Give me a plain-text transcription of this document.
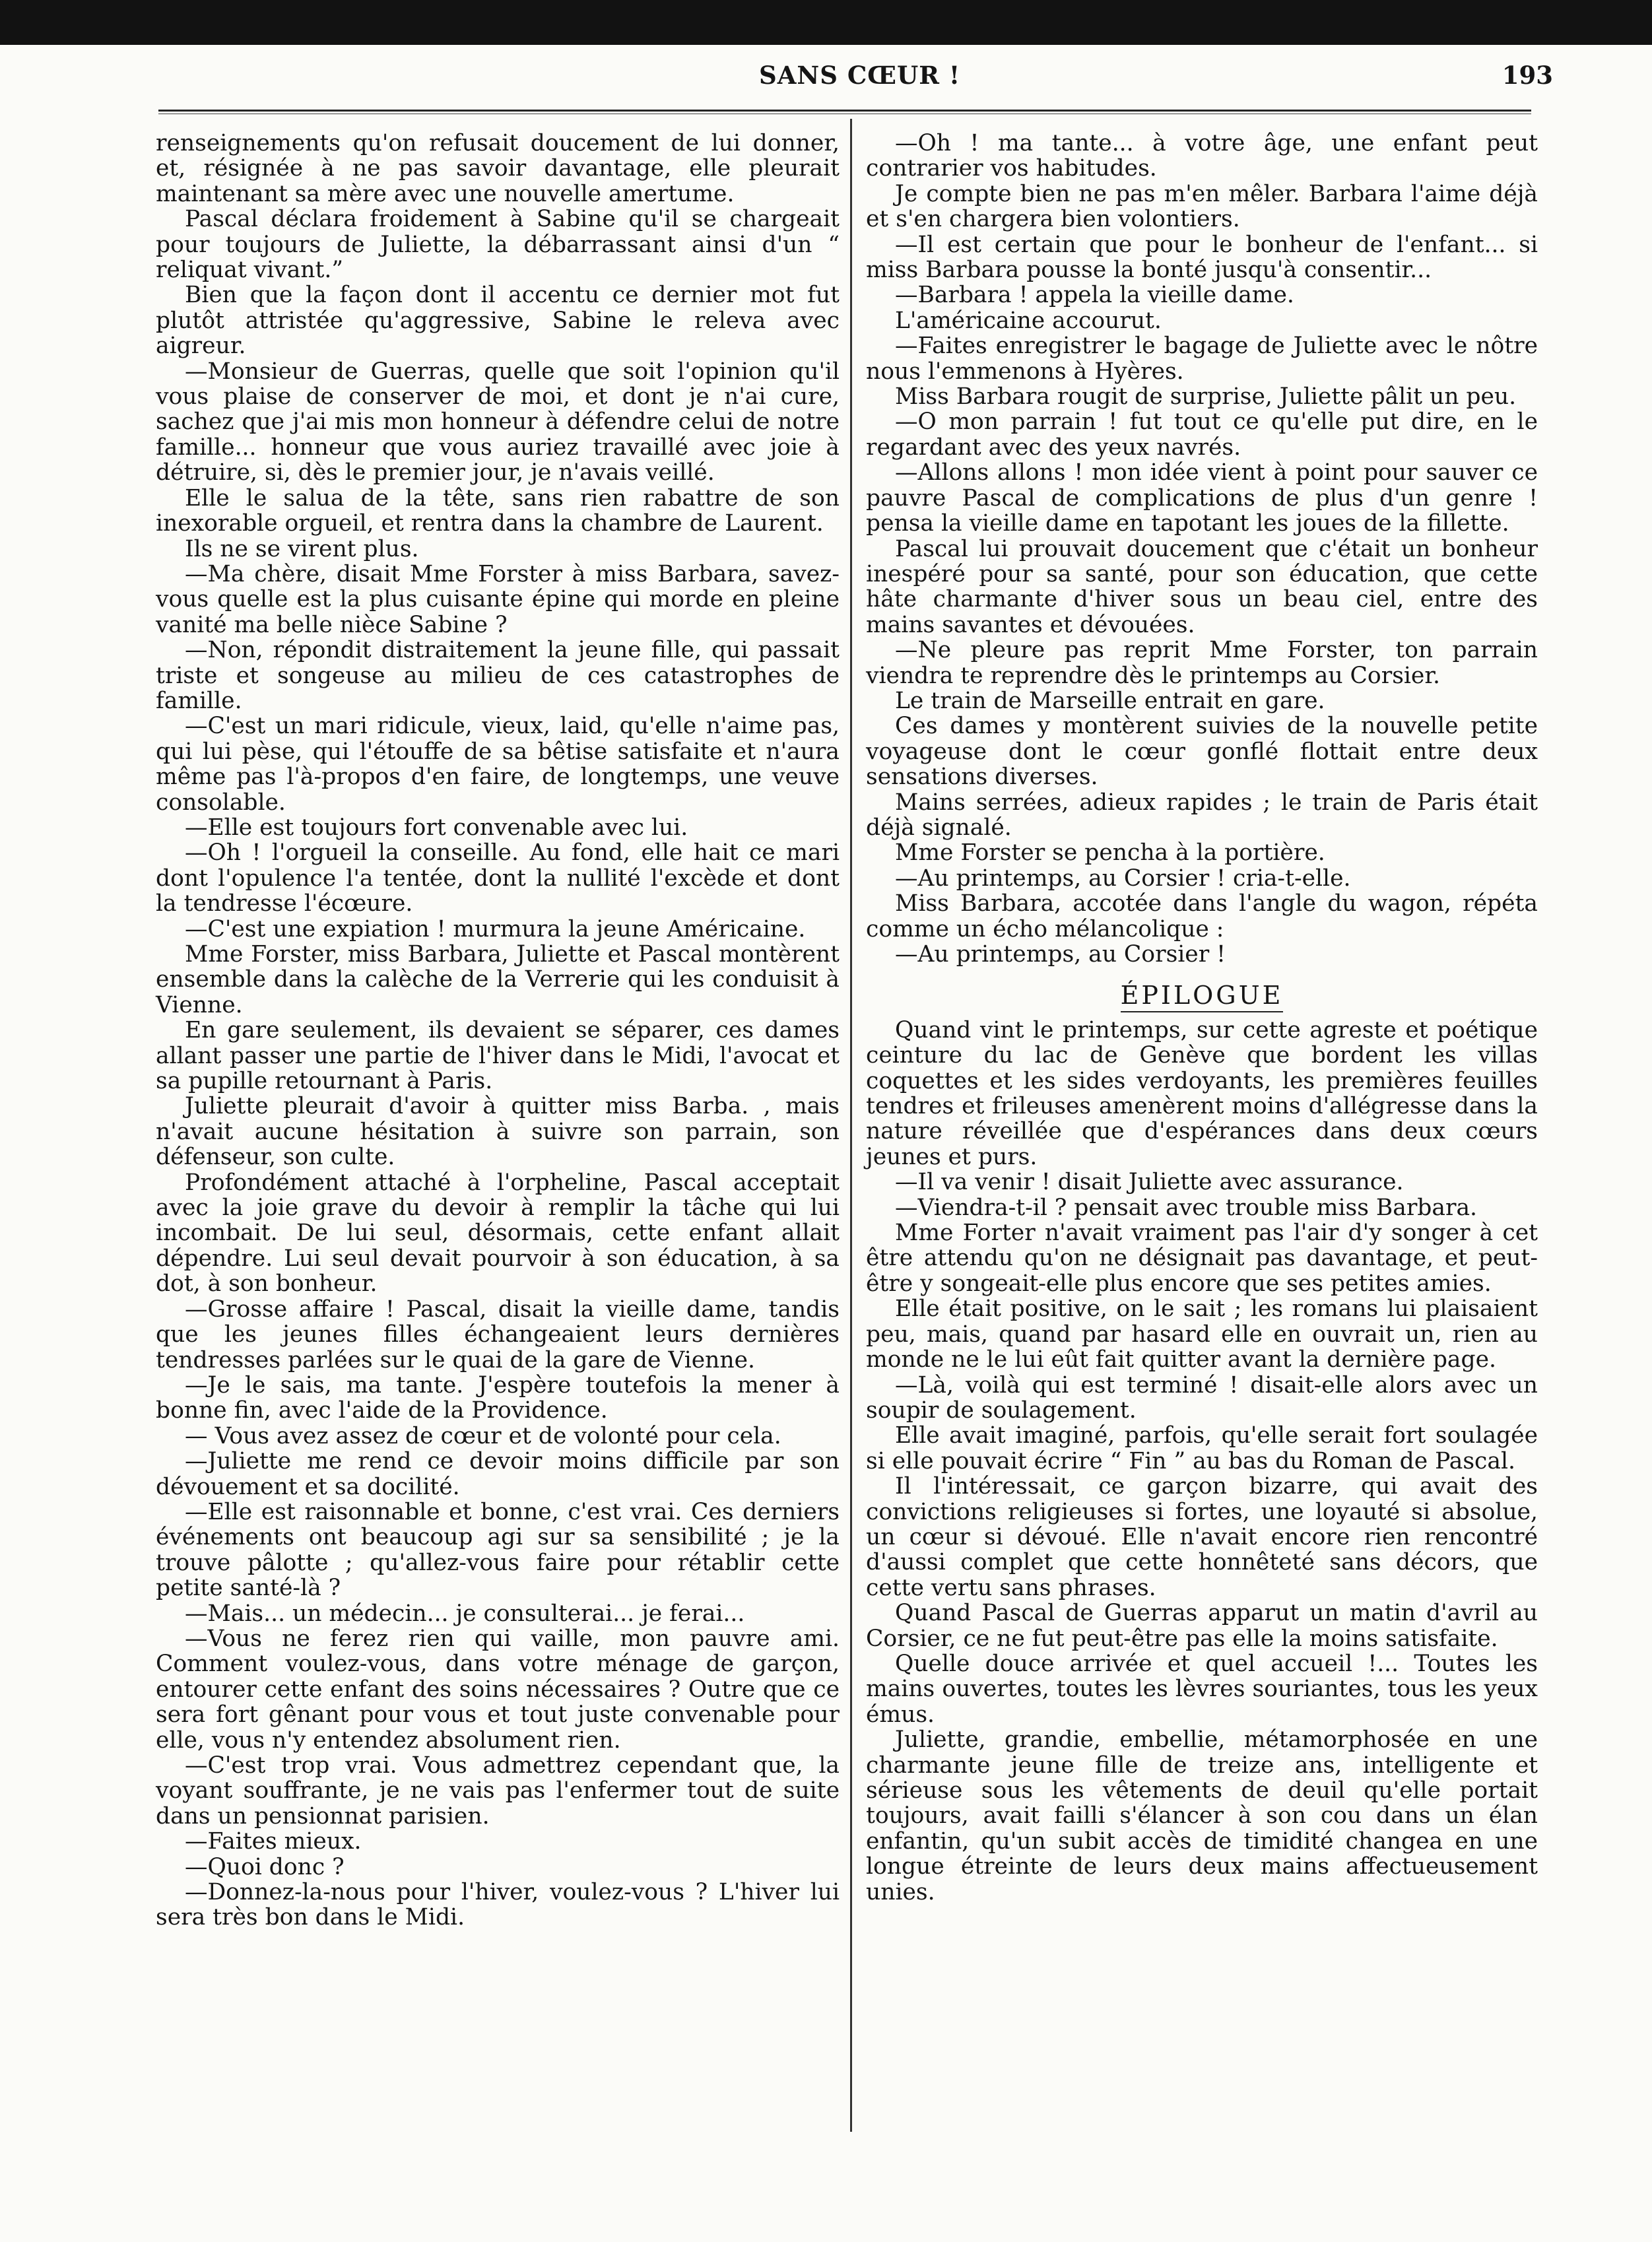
SANS CŒUR !	193

renseignements qu'on refusait doucement de lui donner, et, résignée à ne pas savoir davantage, elle pleurait maintenant sa mère avec une nouvelle amertume.

Pascal déclara froidement à Sabine qu'il se chargeait pour toujours de Juliette, la débarrassant ainsi d'un “ reliquat vivant.”

Bien que la façon dont il accentu ce dernier mot fut plutôt attristée qu'aggressive, Sabine le releva avec aigreur.

—Monsieur de Guerras, quelle que soit l'opinion qu'il vous plaise de conserver de moi, et dont je n'ai cure, sachez que j'ai mis mon honneur à défendre celui de notre famille... honneur que vous auriez travaillé avec joie à détruire, si, dès le premier jour, je n'avais veillé.

Elle le salua de la tête, sans rien rabattre de son inexorable orgueil, et rentra dans la chambre de Laurent.

Ils ne se virent plus.

—Ma chère, disait Mme Forster à miss Barbara, savez-vous quelle est la plus cuisante épine qui morde en pleine vanité ma belle nièce Sabine ?

—Non, répondit distraitement la jeune fille, qui passait triste et songeuse au milieu de ces catastrophes de famille.

—C'est un mari ridicule, vieux, laid, qu'elle n'aime pas, qui lui pèse, qui l'étouffe de sa bêtise satisfaite et n'aura même pas l'à-propos d'en faire, de longtemps, une veuve consolable.

—Elle est toujours fort convenable avec lui.

—Oh ! l'orgueil la conseille. Au fond, elle hait ce mari dont l'opulence l'a tentée, dont la nullité l'excède et dont la tendresse l'écœure.

—C'est une expiation ! murmura la jeune Américaine.

Mme Forster, miss Barbara, Juliette et Pascal montèrent ensemble dans la calèche de la Verrerie qui les conduisit à Vienne.

En gare seulement, ils devaient se séparer, ces dames allant passer une partie de l'hiver dans le Midi, l'avocat et sa pupille retournant à Paris.

Juliette pleurait d'avoir à quitter miss Barba. , mais n'avait aucune hésitation à suivre son parrain, son défenseur, son culte.

Profondément attaché à l'orpheline, Pascal acceptait avec la joie grave du devoir à remplir la tâche qui lui incombait. De lui seul, désormais, cette enfant allait dépendre. Lui seul devait pourvoir à son éducation, à sa dot, à son bonheur.

—Grosse affaire ! Pascal, disait la vieille dame, tandis que les jeunes filles échangeaient leurs dernières tendresses parlées sur le quai de la gare de Vienne.

—Je le sais, ma tante. J'espère toutefois la mener à bonne fin, avec l'aide de la Providence.

— Vous avez assez de cœur et de volonté pour cela.

—Juliette me rend ce devoir moins difficile par son dévouement et sa docilité.

—Elle est raisonnable et bonne, c'est vrai. Ces derniers événements ont beaucoup agi sur sa sensibilité ; je la trouve pâlotte ; qu'allez-vous faire pour rétablir cette petite santé-là ?

—Mais... un médecin... je consulterai... je ferai...

—Vous ne ferez rien qui vaille, mon pauvre ami. Comment voulez-vous, dans votre ménage de garçon, entourer cette enfant des soins nécessaires ? Outre que ce sera fort gênant pour vous et tout juste convenable pour elle, vous n'y entendez absolument rien.

—C'est trop vrai. Vous admettrez cependant que, la voyant souffrante, je ne vais pas l'enfermer tout de suite dans un pensionnat parisien.

—Faites mieux.

—Quoi donc ?

—Donnez-la-nous pour l'hiver, voulez-vous ? L'hiver lui sera très bon dans le Midi.

—Oh ! ma tante... à votre âge, une enfant peut contrarier vos habitudes.

Je compte bien ne pas m'en mêler. Barbara l'aime déjà et s'en chargera bien volontiers.

—Il est certain que pour le bonheur de l'enfant... si miss Barbara pousse la bonté jusqu'à consentir...

—Barbara ! appela la vieille dame.

L'américaine accourut.

—Faites enregistrer le bagage de Juliette avec le nôtre nous l'emmenons à Hyères.

Miss Barbara rougit de surprise, Juliette pâlit un peu.

—O mon parrain ! fut tout ce qu'elle put dire, en le regardant avec des yeux navrés.

—Allons allons ! mon idée vient à point pour sauver ce pauvre Pascal de complications de plus d'un genre ! pensa la vieille dame en tapotant les joues de la fillette.

Pascal lui prouvait doucement que c'était un bonheur inespéré pour sa santé, pour son éducation, que cette hâte charmante d'hiver sous un beau ciel, entre des mains savantes et dévouées.

—Ne pleure pas reprit Mme Forster, ton parrain viendra te reprendre dès le printemps au Corsier.

Le train de Marseille entrait en gare.

Ces dames y montèrent suivies de la nouvelle petite voyageuse dont le cœur gonflé flottait entre deux sensations diverses.

Mains serrées, adieux rapides ; le train de Paris était déjà signalé.

Mme Forster se pencha à la portière.

—Au printemps, au Corsier ! cria-t-elle.

Miss Barbara, accotée dans l'angle du wagon, répéta comme un écho mélancolique :

—Au printemps, au Corsier !

ÉPILOGUE

Quand vint le printemps, sur cette agreste et poétique ceinture du lac de Genève que bordent les villas coquettes et les sides verdoyants, les premières feuilles tendres et frileuses amenèrent moins d'allégresse dans la nature réveillée que d'espérances dans deux cœurs jeunes et purs.

—Il va venir ! disait Juliette avec assurance.

—Viendra-t-il ? pensait avec trouble miss Barbara.

Mme Forter n'avait vraiment pas l'air d'y songer à cet être attendu qu'on ne désignait pas davantage, et peut-être y songeait-elle plus encore que ses petites amies.

Elle était positive, on le sait ; les romans lui plaisaient peu, mais, quand par hasard elle en ouvrait un, rien au monde ne le lui eût fait quitter avant la dernière page.

—Là, voilà qui est terminé ! disait-elle alors avec un soupir de soulagement.

Elle avait imaginé, parfois, qu'elle serait fort soulagée si elle pouvait écrire “ Fin ” au bas du Roman de Pascal.

Il l'intéressait, ce garçon bizarre, qui avait des convictions religieuses si fortes, une loyauté si absolue, un cœur si dévoué. Elle n'avait encore rien rencontré d'aussi complet que cette honnêteté sans décors, que cette vertu sans phrases.

Quand Pascal de Guerras apparut un matin d'avril au Corsier, ce ne fut peut-être pas elle la moins satisfaite.

Quelle douce arrivée et quel accueil !... Toutes les mains ouvertes, toutes les lèvres souriantes, tous les yeux émus.

Juliette, grandie, embellie, métamorphosée en une charmante jeune fille de treize ans, intelligente et sérieuse sous les vêtements de deuil qu'elle portait toujours, avait failli s'élancer à son cou dans un élan enfantin, qu'un subit accès de timidité changea en une longue étreinte de leurs deux mains affectueusement unies.
